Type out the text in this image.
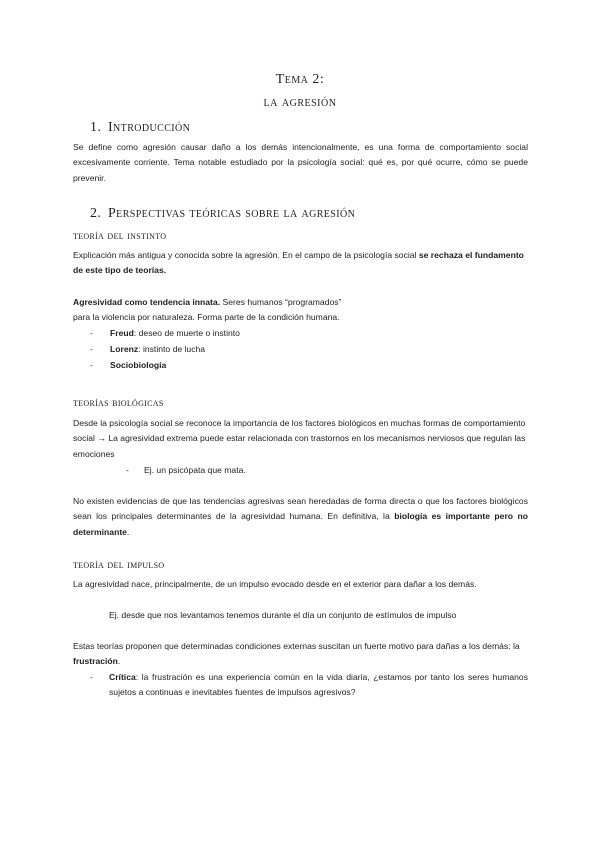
Tema 2:
la agresión
1. Introducción
Se define como agresión causar daño a los demás intencionalmente, es una forma de comportamiento social excesivamente corriente. Tema notable estudiado por la psicología social: qué es, por qué ocurre, cómo se puede prevenir.
2. Perspectivas teóricas sobre la agresión
teoría del instinto
Explicación más antigua y conocida sobre la agresión. En el campo de la psicología social se rechaza el fundamento de este tipo de teorías.
Agresividad como tendencia innata. Seres humanos “programados”
para la violencia por naturaleza. Forma parte de la condición humana.
- Freud: deseo de muerte o instinto
- Lorenz: instinto de lucha
- Sociobiología
teorías biológicas
Desde la psicología social se reconoce la importancia de los factores biológicos en muchas formas de comportamiento social → La agresividad extrema puede estar relacionada con trastornos en los mecanismos nerviosos que regulan las emociones
- Ej. un psicópata que mata.
No existen evidencias de que las tendencias agresivas sean heredadas de forma directa o que los factores biológicos sean los principales determinantes de la agresividad humana. En definitiva, la biología es importante pero no determinante.
teoría del impulso
La agresividad nace, principalmente, de un impulso evocado desde en el exterior para dañar a los demás.
Ej. desde que nos levantamos tenemos durante el día un conjunto de estímulos de impulso
Estas teorías proponen que determinadas condiciones externas suscitan un fuerte motivo para dañas a los demás: la frustración.
- Crítica: la frustración es una experiencia común en la vida diaria, ¿estamos por tanto los seres humanos sujetos a continuas e inevitables fuentes de impulsos agresivos?
